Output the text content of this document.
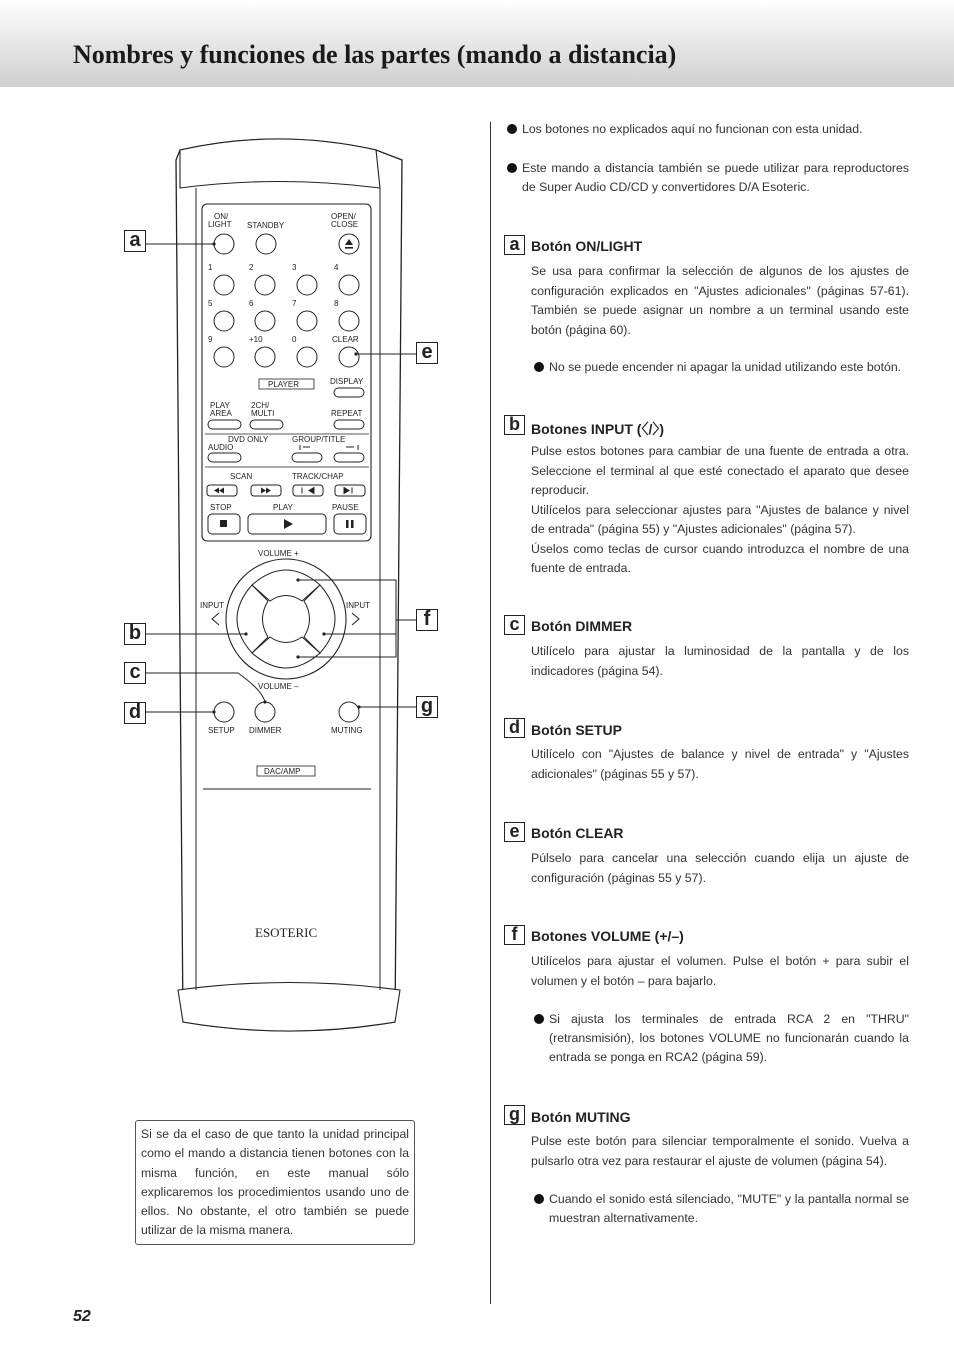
Nombres y funciones de las partes (mando a distancia)
ON/ LIGHT STANDBY
OPEN/ CLOSE
1	2	3	4
5	6	7	8
9	+10	0	CLEAR
PLAYER	DISPLAY
PLAY AREA
2CH/ MULTI	REPEAT
DVD ONLY
AUDIO
GROUP/TITLE
SCAN	TRACK/CHAP
STOP	PLAY	PAUSE
VOLUME +
INPUT	INPUT
VOLUME –
SETUP DIMMER	MUTING
DAC/AMP
ESOTERIC
a
b
c
d
e
f
g
Si se da el caso de que tanto la unidad principal como el mando a distancia tienen botones con la misma función, en este manual sólo explicaremos los procedimientos usando uno de ellos. No obstante, el otro también se puede utilizar de la misma manera.
52
Los botones no explicados aquí no funcionan con esta unidad.
Este mando a distancia también se puede utilizar para reproductores de Super Audio CD/CD y convertidores D/A Esoteric.
a Botón ON/LIGHT

Se usa para confirmar la selección de algunos de los ajustes de configuración explicados en "Ajustes adicionales" (páginas 57-61). También se puede asignar un nombre a un terminal usando este botón (página 60).

No se puede encender ni apagar la unidad utilizando este botón.
b Botones INPUT (〈/〉)

Pulse estos botones para cambiar de una fuente de entrada a otra. Seleccione el terminal al que esté conectado el aparato que desee reproducir.

Utilícelos para seleccionar ajustes para "Ajustes de balance y nivel de entrada" (página 55) y "Ajustes adicionales" (página 57).

Úselos como teclas de cursor cuando introduzca el nombre de una fuente de entrada.

c Botón DIMMER

Utilícelo para ajustar la luminosidad de la pantalla y de los indicadores (página 54).

d Botón SETUP

Utilícelo con "Ajustes de balance y nivel de entrada" y "Ajustes adicionales" (páginas 55 y 57).

e Botón CLEAR

Púlselo para cancelar una selección cuando elija un ajuste de configuración (páginas 55 y 57).

f Botones VOLUME (+/–)

Utilícelos para ajustar el volumen. Pulse el botón + para subir el volumen y el botón – para bajarlo.

Si ajusta los terminales de entrada RCA 2 en "THRU" (retransmisión), los botones VOLUME no funcionarán cuando la entrada se ponga en RCA2 (página 59).
g Botón MUTING

Pulse este botón para silenciar temporalmente el sonido. Vuelva a pulsarlo otra vez para restaurar el ajuste de volumen (página 54).

Cuando el sonido está silenciado, "MUTE" y la pantalla normal se muestran alternativamente.
